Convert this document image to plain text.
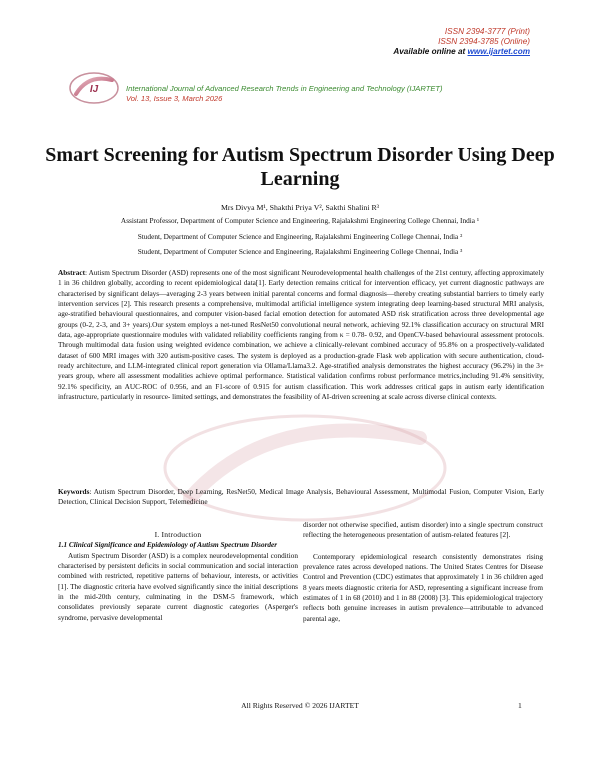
IJ
ISSN 2394-3777 (Print)
ISSN 2394-3785 (Online)
Available online at www.ijartet.com
International Journal of Advanced Research Trends in Engineering and Technology (IJARTET)
Vol. 13, Issue 3, March 2026
Smart Screening for Autism Spectrum Disorder Using Deep Learning
Mrs Divya M¹, Shakthi Priya V², Sakthi Shalini R³
Assistant Professor, Department of Computer Science and Engineering, Rajalakshmi Engineering College Chennai, India ¹
Student, Department of Computer Science and Engineering, Rajalakshmi Engineering College Chennai, India ²
Student, Department of Computer Science and Engineering, Rajalakshmi Engineering College Chennai, India ³

Abstract: Autism Spectrum Disorder (ASD) represents one of the most significant Neurodevelopmental health challenges of the 21st century, affecting approximately 1 in 36 children globally, according to recent epidemiological data[1]. Early detection remains critical for intervention efficacy, yet current diagnostic pathways are characterised by significant delays—averaging 2-3 years between initial parental concerns and formal diagnosis—thereby creating substantial barriers to timely early intervention services [2]. This research presents a comprehensive, multimodal artificial intelligence system integrating deep learning-based structural MRI analysis, age-stratified behavioural questionnaires, and computer vision-based facial emotion detection for automated ASD risk stratification across three developmental age groups (0-2, 2-3, and 3+ years).Our system employs a net-tuned ResNet50 convolutional neural network, achieving 92.1% classification accuracy on structural MRI data, age-appropriate questionnaire modules with validated reliability coefficients ranging from κ = 0.78- 0.92, and OpenCV-based behavioural assessment protocols. Through multimodal data fusion using weighted evidence combination, we achieve a clinically-relevant combined accuracy of 95.8% on a prospectively-validated dataset of 600 MRI images with 320 autism-positive cases. The system is deployed as a production-grade Flask web application with secure authentication, cloud-ready architecture, and LLM-integrated clinical report generation via Ollama/Llama3.2. Age-stratified analysis demonstrates the highest accuracy (96.2%) in the 3+ years group, where all assessment modalities achieve optimal performance. Statistical validation confirms robust performance metrics,including 91.4% sensitivity, 92.1% specificity, an AUC-ROC of 0.956, and an F1-score of 0.915 for autism classification. This work addresses critical gaps in autism early identification infrastructure, particularly in resource- limited settings, and demonstrates the feasibility of AI-driven screening at scale across diverse clinical contexts.

Keywords: Autism Spectrum Disorder, Deep Learning, ResNet50, Medical Image Analysis, Behavioural Assessment, Multimodal Fusion, Computer Vision, Early Detection, Clinical Decision Support, Telemedicine

I. Introduction

1.1 Clinical Significance and Epidemiology of Autism Spectrum Disorder

Autism Spectrum Disorder (ASD) is a complex neurodevelopmental condition characterised by persistent deficits in social communication and social interaction combined with restricted, repetitive patterns of behaviour, interests, or activities [1]. The diagnostic criteria have evolved significantly since the initial descriptions in the mid-20th century, culminating in the DSM-5 framework, which consolidates previously separate current diagnostic categories (Asperger's syndrome, pervasive developmental

disorder not otherwise specified, autism disorder) into a single spectrum construct reflecting the heterogeneous presentation of autism-related features [2].

Contemporary epidemiological research consistently demonstrates rising prevalence rates across developed nations. The United States Centres for Disease Control and Prevention (CDC) estimates that approximately 1 in 36 children aged 8 years meets diagnostic criteria for ASD, representing a significant increase from estimates of 1 in 68 (2010) and 1 in 88 (2008) [3]. This epidemiological trajectory reflects both genuine increases in autism prevalence—attributable to advanced parental age,

All Rights Reserved © 2026 IJARTET	1
